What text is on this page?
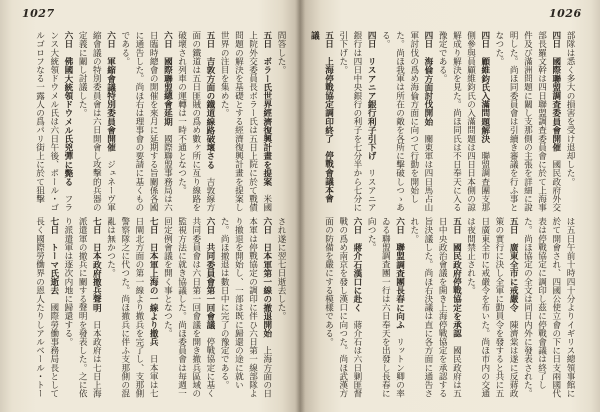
1027

問答した。

五日ボラー氏世界經濟復興計畫を提案米國上院外交委員長ボラー氏は五日上院に於て戰債問題の解決を基礎とする經濟復興計畫を提案し世界の注目を集めた。

五日吉敦方面の鐵道線路破壞さる吉敦線方面の鐵道は五日匪賊の爲め數ヶ所に亙り線路を破壞され列車の運轉は一時不通となつた。

六日國際聯盟總會延期國際聯盟事務局は六日臨時總會の開催を來月に延期する旨關係各國に通告した。尚ほ右は理事會の要請に基くものである。

六日軍縮會議特別委員會開催ジュネーヴ軍縮會議の特別委員會は六日開會し攻擊的兵器の定義に關し討議した。

六日佛國大統領ドウメル氏兇彈に斃るフランス大統領ドウメル氏は六日午後、ポール・ゴルゴロフなる一露人の爲パリ街上に於て狙擊

され遂に翌七日逝去した。

六日日本軍第一線の撤退開始上海方面の日本軍は停戰協定の調印に伴ひ六日第一線部隊より撤退を開始し、一部は既に歸還の途に就いた。尚ほ撤退は數日中に完了の豫定である。

六日共同委員會第一回會議停戰協定に基く共同委員會は六日第一回會議を開き撤兵區域の監視方法に就き協議した。尚ほ委員會は毎週一回定例會議を開く事となつた。

七日日本軍上海の一線より撤兵日本軍は七日閘北方面の第一線より撤兵を完了し、支那側警察隊之に代つた。尚ほ撤兵に伴ふ支那側の混亂は無かつた。

七日日本政府撤兵聲明日本政府は七日上海派遣軍の撤兵に關する聲明を發表した。之に依り派遣軍は逐次内地に歸還する。

七日トーマ氏逝去國際勞働事務局長として長く國際勞働界の恩人たりしアルベール・トー

1026

部隊は悉く多大の損害を受け退却した。

四日國際聯盟調査委員會開催國民政府外交部長羅文幹は四日聯盟調査委員會に於て上海事件及び滿洲問題に關し支那側の主張を詳細に說明した。尚ほ同委員會は引續き審議を行ふ事となつた。

四日顧維鈞氏入滿問題解決聯盟調査團支那側參與員顧維鈞氏の入滿問題は四日日本側の諒解成り解決を見た。尚ほ同氏は不日奉天に入る豫定である。

四日海倫方面討伐開始關東軍は四日馬占山軍討伐の爲め海倫方面に向つて行動を開始した。尚ほ我軍は所在の敵を各所に擊破しつゝある。

四日リスアニア銀行利子引下げリスアニア銀行は四日中央銀行の利子を七分半から七分に引下げた。

五日上海停戰協定調印終了停戰會議本會議

は五日午前十時四十分よりイギリス總領事館に於て開會され、四國公使立會の下に日支兩國代表は停戰協定に調印し茲に停戰會議は終了した。尚ほ協定の全文は同日内外に發表された。

五日廣東全市に戒嚴令陳濟棠は遂に反蔣政策の實行に決し全軍に動員令を發すると共に五日廣東全市に戒嚴令を布いた。尚ほ市内の交通は夜間禁止された。

五日國民政府停戰協定を承認國民政府は五日中央政治會議を開き上海停戰協定を承認する旨決議した。尚ほ右決議は直に各方面に通告された。

六日聯盟調査團長春に向ふリットン卿の率ゐる聯盟調査團一行は六日奉天を出發し長春に向つた。

六日蔣介石漢口に赴く蔣介石は六日剿匪督戰の爲め南京を發し漢口に向つた。尚ほ武漢方面の防備を嚴にする模樣である。
